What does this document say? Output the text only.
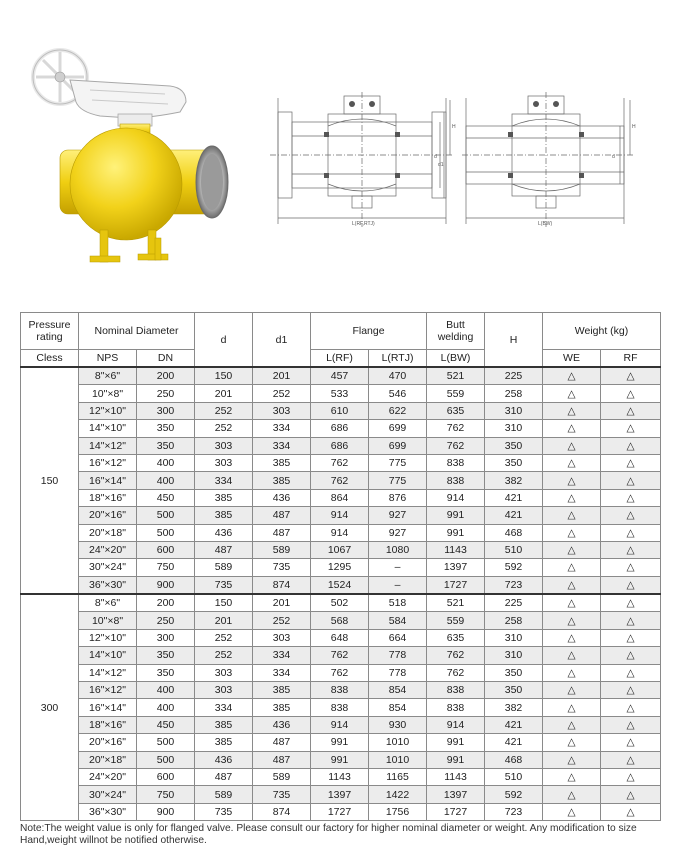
L(RF,RTJ)
H
d
d1
L(BW)
H
d
Pressure rating	Nominal Diameter		d	d1	Flange		Butt welding	H	Weight (kg)	
Cless	NPS	DN			L(RF)	L(RTJ)	L(BW)		WE	RF
150	8"×6"	200	150	201	457	470	521	225	△	△
	10"×8"	250	201	252	533	546	559	258	△	△
	12"×10"	300	252	303	610	622	635	310	△	△
	14"×10"	350	252	334	686	699	762	310	△	△
	14"×12"	350	303	334	686	699	762	350	△	△
	16"×12"	400	303	385	762	775	838	350	△	△
	16"×14"	400	334	385	762	775	838	382	△	△
	18"×16"	450	385	436	864	876	914	421	△	△
	20"×16"	500	385	487	914	927	991	421	△	△
	20"×18"	500	436	487	914	927	991	468	△	△
	24"×20"	600	487	589	1067	1080	1143	510	△	△
	30"×24"	750	589	735	1295	–	1397	592	△	△
	36"×30"	900	735	874	1524	–	1727	723	△	△
300	8"×6"	200	150	201	502	518	521	225	△	△
	10"×8"	250	201	252	568	584	559	258	△	△
	12"×10"	300	252	303	648	664	635	310	△	△
	14"×10"	350	252	334	762	778	762	310	△	△
	14"×12"	350	303	334	762	778	762	350	△	△
	16"×12"	400	303	385	838	854	838	350	△	△
	16"×14"	400	334	385	838	854	838	382	△	△
	18"×16"	450	385	436	914	930	914	421	△	△
	20"×16"	500	385	487	991	1010	991	421	△	△
	20"×18"	500	436	487	991	1010	991	468	△	△
	24"×20"	600	487	589	1143	1165	1143	510	△	△
	30"×24"	750	589	735	1397	1422	1397	592	△	△
	36"×30"	900	735	874	1727	1756	1727	723	△	△
Note:The weight value is only for flanged valve. Please consult our factory for higher nominal diameter or weight. Any modification to size Hand,weight willnot be notified otherwise.
